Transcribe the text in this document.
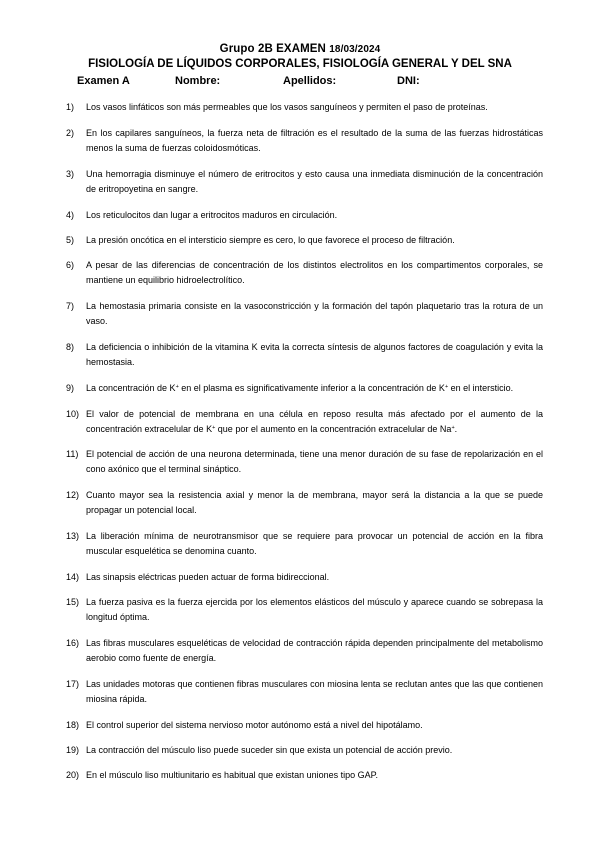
Grupo 2B EXAMEN 18/03/2024
FISIOLOGÍA DE LÍQUIDOS CORPORALES, FISIOLOGÍA GENERAL Y DEL SNA
Examen A	Nombre:	Apellidos:	DNI:
1)	Los vasos linfáticos son más permeables que los vasos sanguíneos y permiten el paso de proteínas.
2)	En los capilares sanguíneos, la fuerza neta de filtración es el resultado de la suma de las fuerzas hidrostáticas menos la suma de fuerzas coloidosmóticas.
3)	Una hemorragia disminuye el número de eritrocitos y esto causa una inmediata disminución de la concentración de eritropoyetina en sangre.
4)	Los reticulocitos dan lugar a eritrocitos maduros en circulación.
5)	La presión oncótica en el intersticio siempre es cero, lo que favorece el proceso de filtración.
6)	A pesar de las diferencias de concentración de los distintos electrolitos en los compartimentos corporales, se mantiene un equilibrio hidroelectrolítico.
7)	La hemostasia primaria consiste en la vasoconstricción y la formación del tapón plaquetario tras la rotura de un vaso.
8)	La deficiencia o inhibición de la vitamina K evita la correcta síntesis de algunos factores de coagulación y evita la hemostasia.
9)	La concentración de K+ en el plasma es significativamente inferior a la concentración de K+ en el intersticio.
10) El valor de potencial de membrana en una célula en reposo resulta más afectado por el aumento de la concentración extracelular de K+ que por el aumento en la concentración extracelular de Na+.
11) El potencial de acción de una neurona determinada, tiene una menor duración de su fase de repolarización en el cono axónico que el terminal sináptico.
12) Cuanto mayor sea la resistencia axial y menor la de membrana, mayor será la distancia a la que se puede propagar un potencial local.
13) La liberación mínima de neurotransmisor que se requiere para provocar un potencial de acción en la fibra muscular esquelética se denomina cuanto.
14) Las sinapsis eléctricas pueden actuar de forma bidireccional.
15) La fuerza pasiva es la fuerza ejercida por los elementos elásticos del músculo y aparece cuando se sobrepasa la longitud óptima.
16) Las fibras musculares esqueléticas de velocidad de contracción rápida dependen principalmente del metabolismo aerobio como fuente de energía.
17) Las unidades motoras que contienen fibras musculares con miosina lenta se reclutan antes que las que contienen miosina rápida.
18) El control superior del sistema nervioso motor autónomo está a nivel del hipotálamo.
19) La contracción del músculo liso puede suceder sin que exista un potencial de acción previo.
20) En el músculo liso multiunitario es habitual que existan uniones tipo GAP.
